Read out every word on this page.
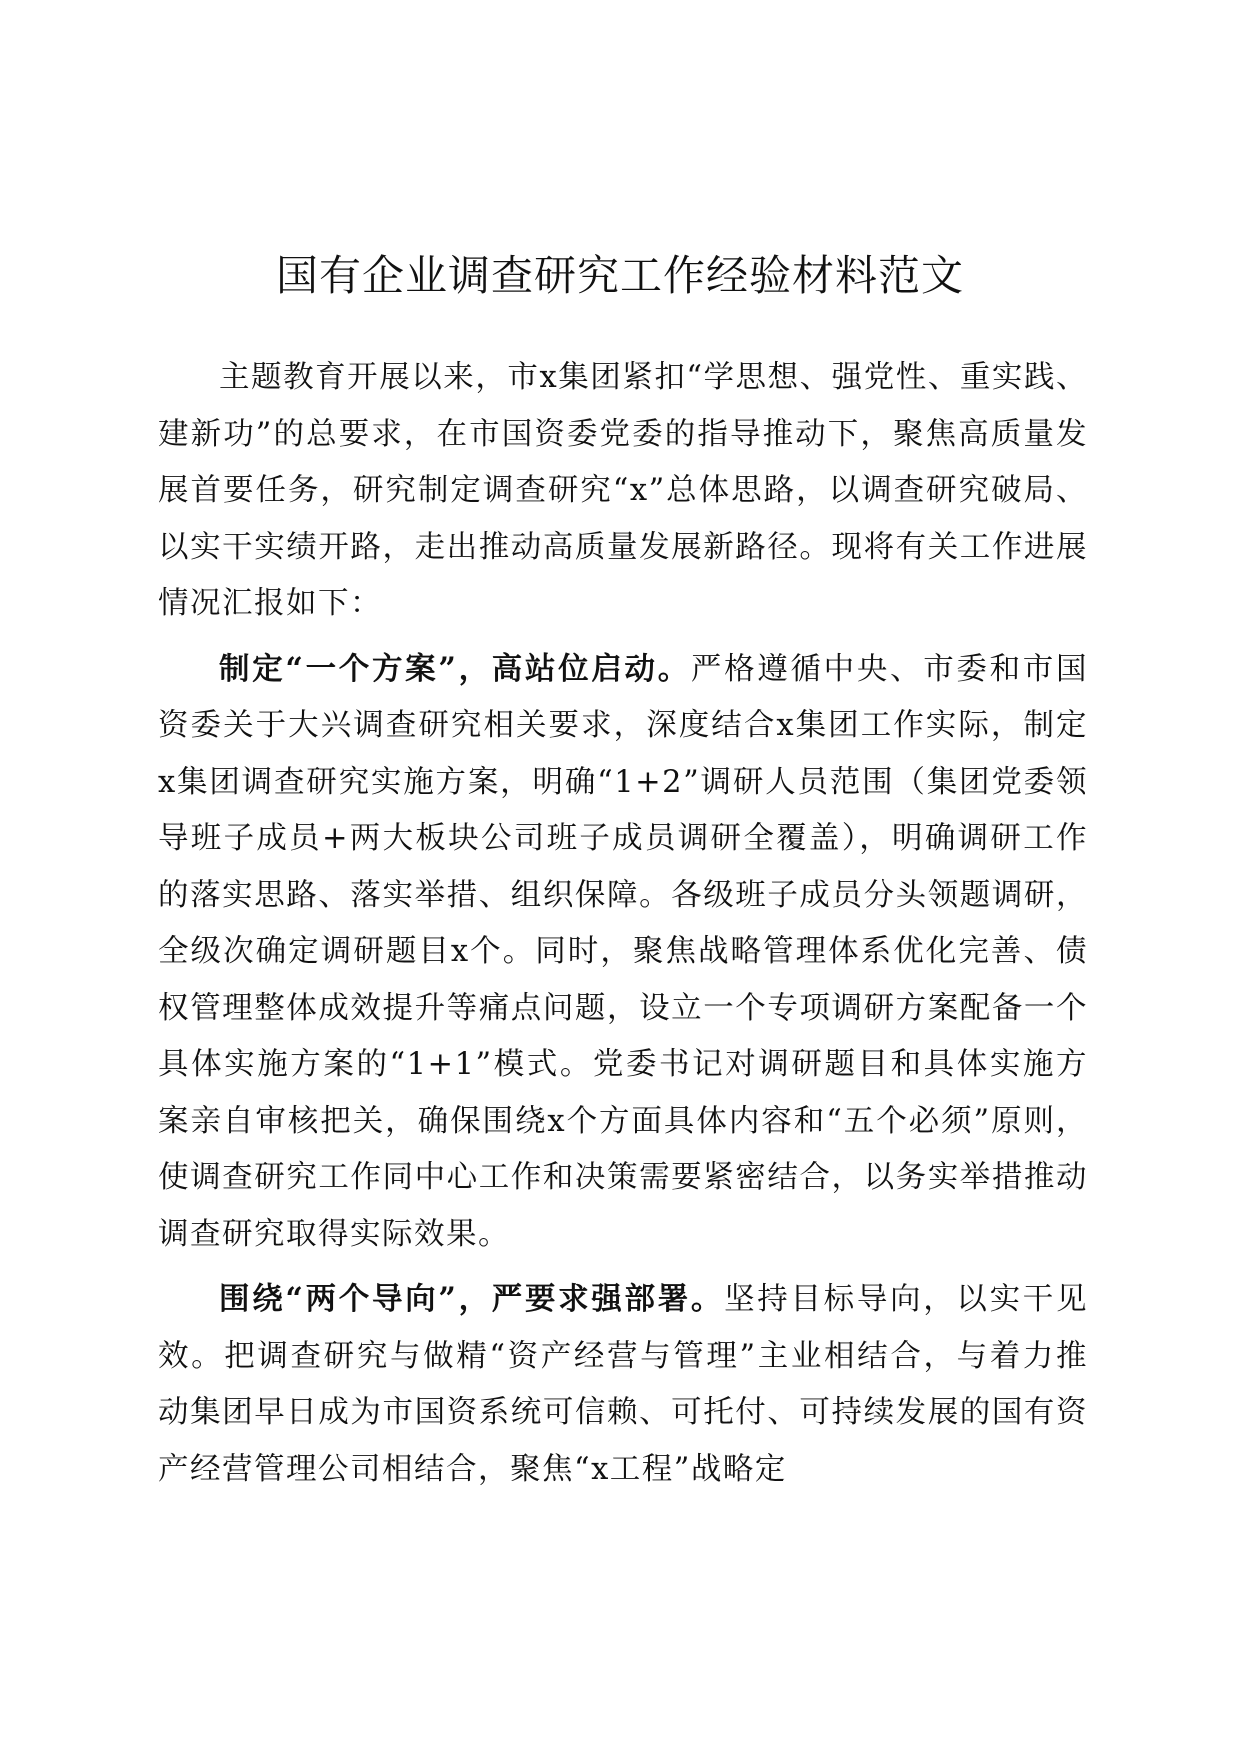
国有企业调查研究工作经验材料范文

主题教育开展以来，市x集团紧扣“学思想、强党性、重实践、建新功”的总要求，在市国资委党委的指导推动下，聚焦高质量发展首要任务，研究制定调查研究“x”总体思路，以调查研究破局、以实干实绩开路，走出推动高质量发展新路径。现将有关工作进展情况汇报如下：

制定“一个方案”，高站位启动。严格遵循中央、市委和市国资委关于大兴调查研究相关要求，深度结合x集团工作实际，制定x集团调查研究实施方案，明确“1+2”调研人员范围（集团党委领导班子成员+两大板块公司班子成员调研全覆盖），明确调研工作的落实思路、落实举措、组织保障。各级班子成员分头领题调研，全级次确定调研题目x个。同时，聚焦战略管理体系优化完善、债权管理整体成效提升等痛点问题，设立一个专项调研方案配备一个具体实施方案的“1+1”模式。党委书记对调研题目和具体实施方案亲自审核把关，确保围绕x个方面具体内容和“五个必须”原则，使调查研究工作同中心工作和决策需要紧密结合，以务实举措推动调查研究取得实际效果。

围绕“两个导向”，严要求强部署。坚持目标导向，以实干见效。把调查研究与做精“资产经营与管理”主业相结合，与着力推动集团早日成为市国资系统可信赖、可托付、可持续发展的国有资产经营管理公司相结合，聚焦“x工程”战略定
